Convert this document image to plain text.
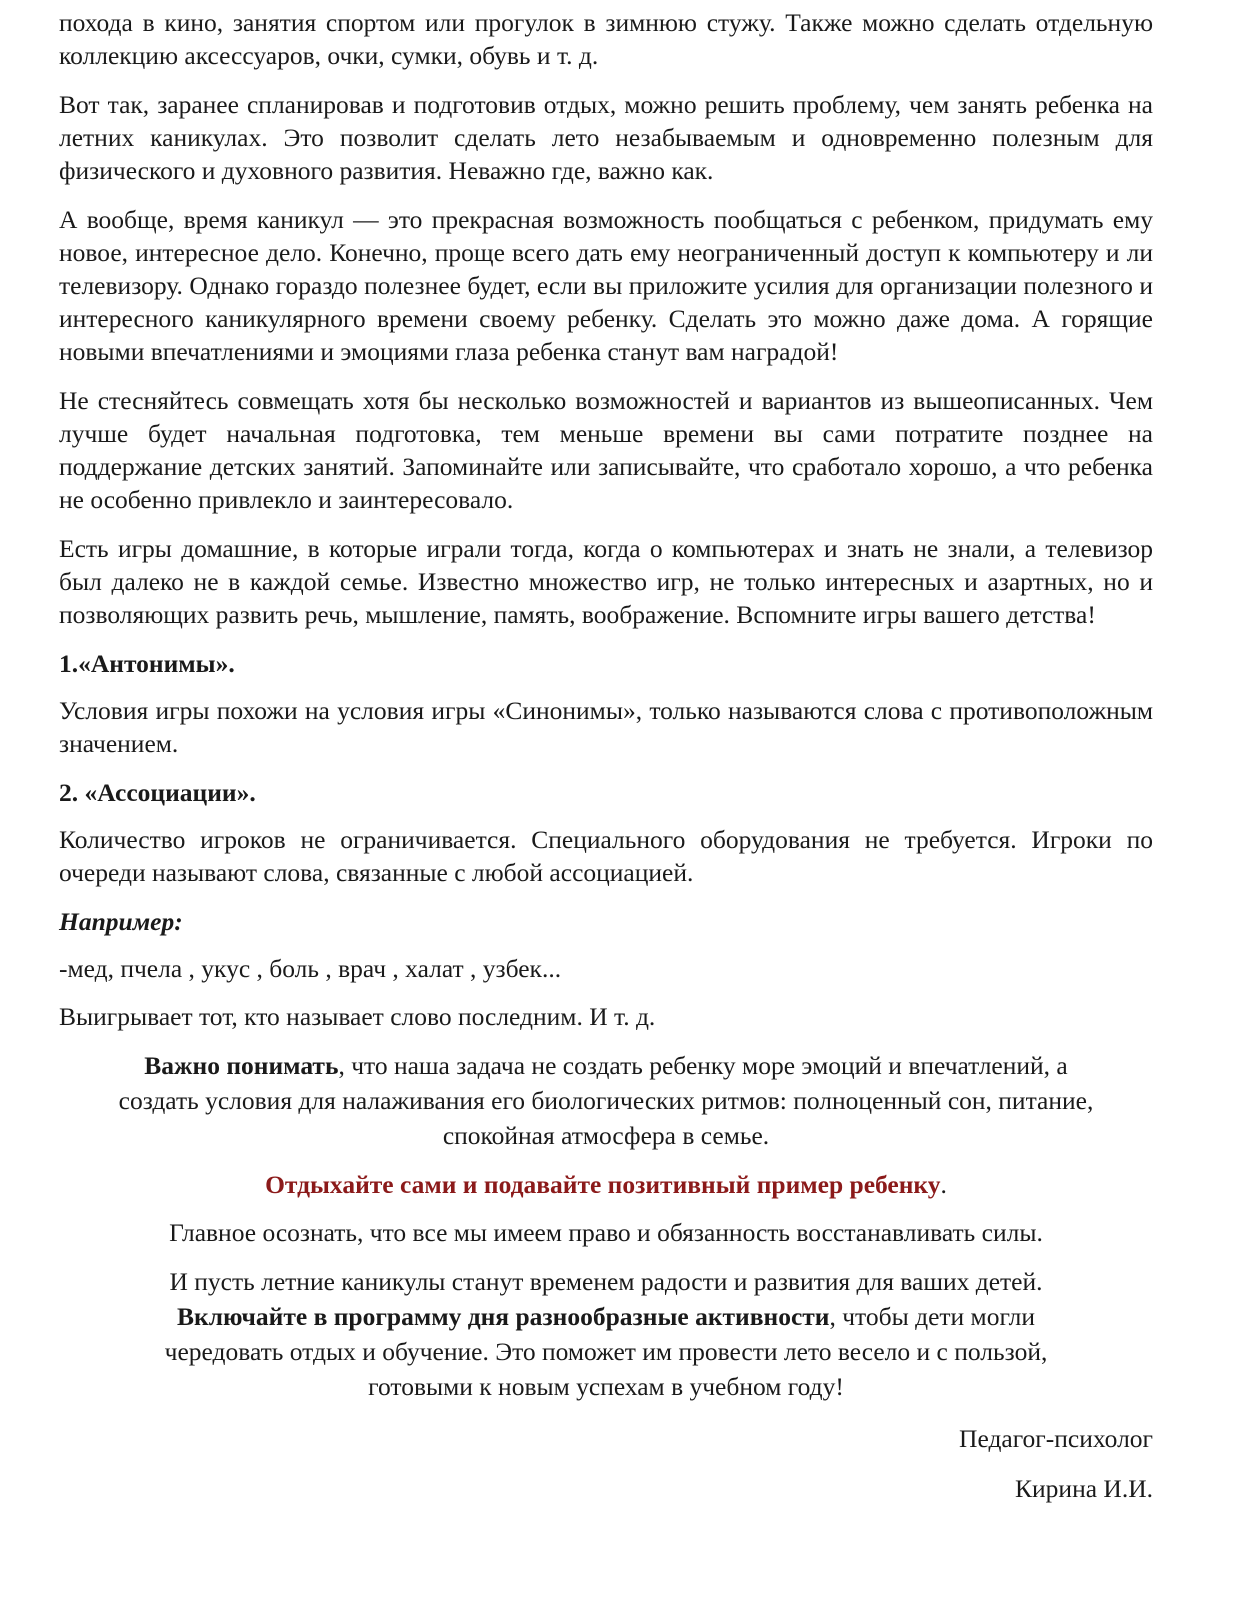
похода в кино, занятия спортом или прогулок в зимнюю стужу. Также можно сделать отдельную коллекцию аксессуаров, очки, сумки, обувь и т. д.

Вот так, заранее спланировав и подготовив отдых, можно решить проблему, чем занять ребенка на летних каникулах. Это позволит сделать лето незабываемым и одновременно полезным для физического и духовного развития. Неважно где, важно как.

А вообще, время каникул — это прекрасная возможность пообщаться с ребенком, придумать ему новое, интересное дело. Конечно, проще всего дать ему неограниченный доступ к компьютеру и ли телевизору. Однако гораздо полезнее будет, если вы приложите усилия для организации полезного и интересного каникулярного времени своему ребенку. Сделать это можно даже дома. А горящие новыми впечатлениями и эмоциями глаза ребенка станут вам наградой!

Не стесняйтесь совмещать хотя бы несколько возможностей и вариантов из вышеописанных. Чем лучше будет начальная подготовка, тем меньше времени вы сами потратите позднее на поддержание детских занятий. Запоминайте или записывайте, что сработало хорошо, а что ребенка не особенно привлекло и заинтересовало.

Есть игры домашние, в которые играли тогда, когда о компьютерах и знать не знали, а телевизор был далеко не в каждой семье. Известно множество игр, не только интересных и азартных, но и позволяющих развить речь, мышление, память, воображение. Вспомните игры вашего детства!

1.«Антонимы».

Условия игры похожи на условия игры «Синонимы», только называются слова с противоположным значением.

2. «Ассоциации».

Количество игроков не ограничивается. Специального оборудования не требуется. Игроки по очереди называют слова, связанные с любой ассоциацией.

Например:

-мед, пчела , укус , боль , врач , халат , узбек...

Выигрывает тот, кто называет слово последним. И т. д.

Важно понимать, что наша задача не создать ребенку море эмоций и впечатлений, а

создать условия для налаживания его биологических ритмов: полноценный сон, питание,

спокойная атмосфера в семье.

Отдыхайте сами и подавайте позитивный пример ребенку.

Главное осознать, что все мы имеем право и обязанность восстанавливать силы.

И пусть летние каникулы станут временем радости и развития для ваших детей.

Включайте в программу дня разнообразные активности, чтобы дети могли

чередовать отдых и обучение. Это поможет им провести лето весело и с пользой,

готовыми к новым успехам в учебном году!

Педагог-психолог

Кирина И.И.
